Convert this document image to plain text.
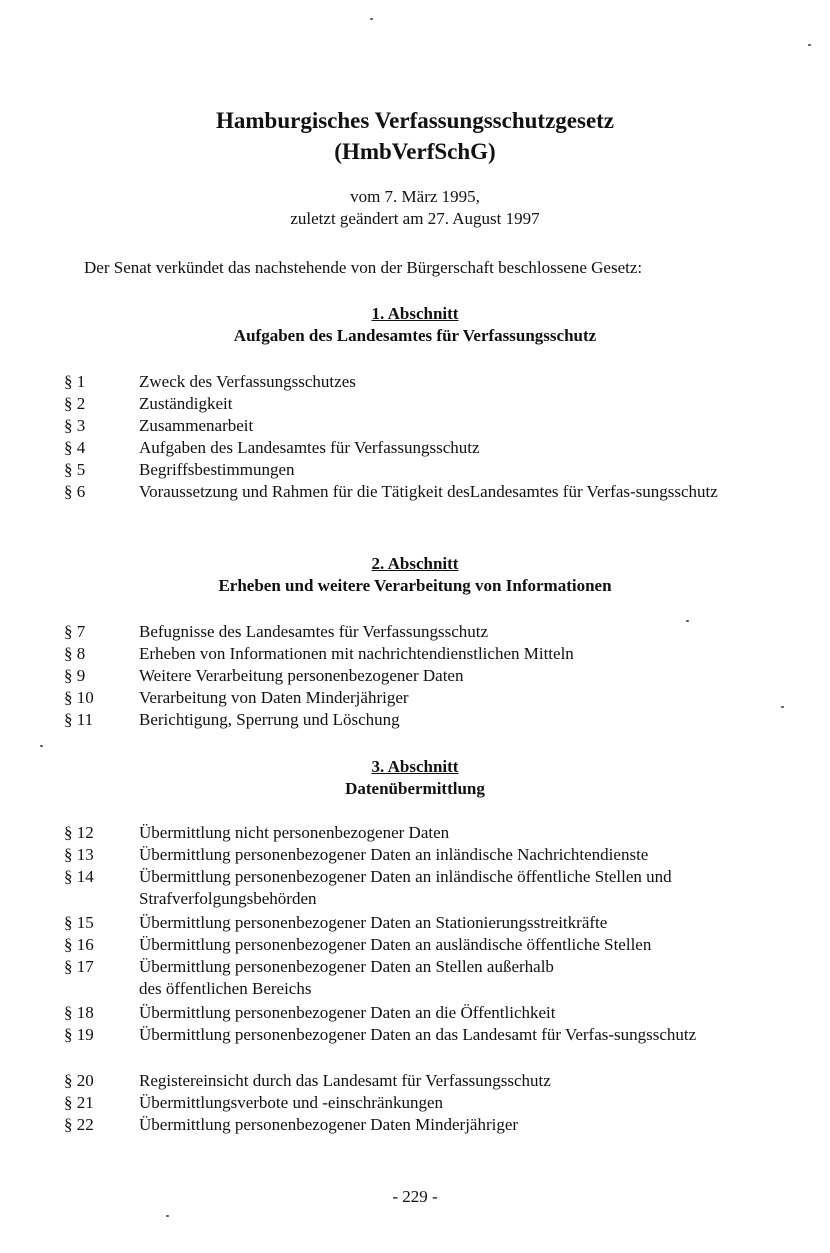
Hamburgisches Verfassungsschutzgesetz
(HmbVerfSchG)
vom 7. März 1995,
zuletzt geändert am 27. August 1997
Der Senat verkündet das nachstehende von der Bürgerschaft beschlossene Gesetz:
1. Abschnitt
Aufgaben des Landesamtes für Verfassungsschutz
§ 1	Zweck des Verfassungsschutzes
§ 2	Zuständigkeit
§ 3	Zusammenarbeit
§ 4	Aufgaben des Landesamtes für Verfassungsschutz
§ 5	Begriffsbestimmungen
§ 6	Voraussetzung und Rahmen für die Tätigkeit desLandesamtes für Verfas-sungsschutz
2. Abschnitt
Erheben und weitere Verarbeitung von Informationen
§ 7	Befugnisse des Landesamtes für Verfassungsschutz
§ 8	Erheben von Informationen mit nachrichtendienstlichen Mitteln
§ 9	Weitere Verarbeitung personenbezogener Daten
§ 10	Verarbeitung von Daten Minderjähriger
§ 11	Berichtigung, Sperrung und Löschung
3. Abschnitt
Datenübermittlung
§ 12	Übermittlung nicht personenbezogener Daten
§ 13	Übermittlung personenbezogener Daten an inländische Nachrichtendienste
§ 14	Übermittlung personenbezogener Daten an inländische öffentliche Stellen und Strafverfolgungsbehörden
§ 15	Übermittlung personenbezogener Daten an Stationierungsstreitkräfte
§ 16	Übermittlung personenbezogener Daten an ausländische öffentliche Stellen
§ 17	Übermittlung personenbezogener Daten an Stellen außerhalb des öffentlichen Bereichs
§ 18	Übermittlung personenbezogener Daten an die Öffentlichkeit
§ 19	Übermittlung personenbezogener Daten an das Landesamt für Verfas-sungsschutz
§ 20	Registereinsicht durch das Landesamt für Verfassungsschutz
§ 21	Übermittlungsverbote und -einschränkungen
§ 22	Übermittlung personenbezogener Daten Minderjähriger
- 229 -
